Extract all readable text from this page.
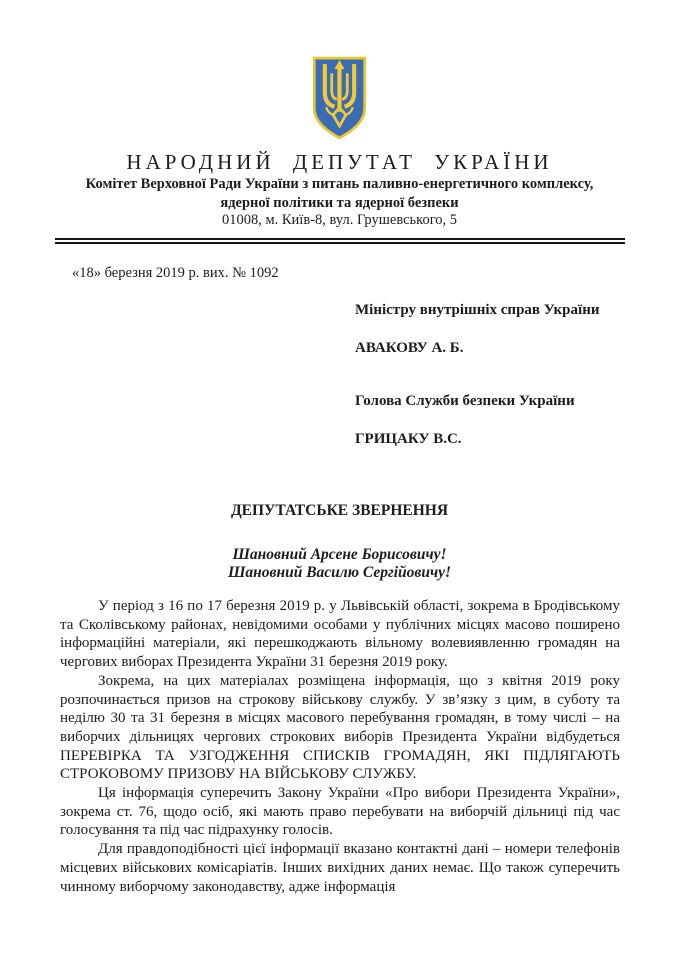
НАРОДНИЙ ДЕПУТАТ УКРАЇНИ
Комітет Верховної Ради України з питань паливно-енергетичного комплексу,
ядерної політики та ядерної безпеки
01008, м. Київ-8, вул. Грушевського, 5
«18» березня 2019 р. вих. № 1092

Міністру внутрішніх справ України

АВАКОВУ А. Б.

Голова Служби безпеки України

ГРИЦАКУ В.С.

ДЕПУТАТСЬКЕ ЗВЕРНЕННЯ
Шановний Арсене Борисовичу!
Шановний Василю Сергійовичу!

У період з 16 по 17 березня 2019 р. у Львівській області, зокрема в Бродівському та Сколівському районах, невідомими особами у публічних місцях масово поширено інформаційні матеріали, які перешкоджають вільному волевиявленню громадян на чергових виборах Президента України 31 березня 2019 року.

Зокрема, на цих матеріалах розміщена інформація, що з квітня 2019 року розпочинається призов на строкову військову службу. У зв’язку з цим, в суботу та неділю 30 та 31 березня в місцях масового перебування громадян, в тому числі – на виборчих дільницях чергових строкових виборів Президента України відбудеться ПЕРЕВІРКА ТА УЗГОДЖЕННЯ СПИСКІВ ГРОМАДЯН, ЯКІ ПІДЛЯГАЮТЬ СТРОКОВОМУ ПРИЗОВУ НА ВІЙСЬКОВУ СЛУЖБУ.

Ця інформація суперечить Закону України «Про вибори Президента України», зокрема ст. 76, щодо осіб, які мають право перебувати на виборчій дільниці під час голосування та під час підрахунку голосів.

Для правдоподібності цієї інформації вказано контактні дані – номери телефонів місцевих військових комісаріатів. Інших вихідних даних немає. Що також суперечить чинному виборчому законодавству, адже інформація
